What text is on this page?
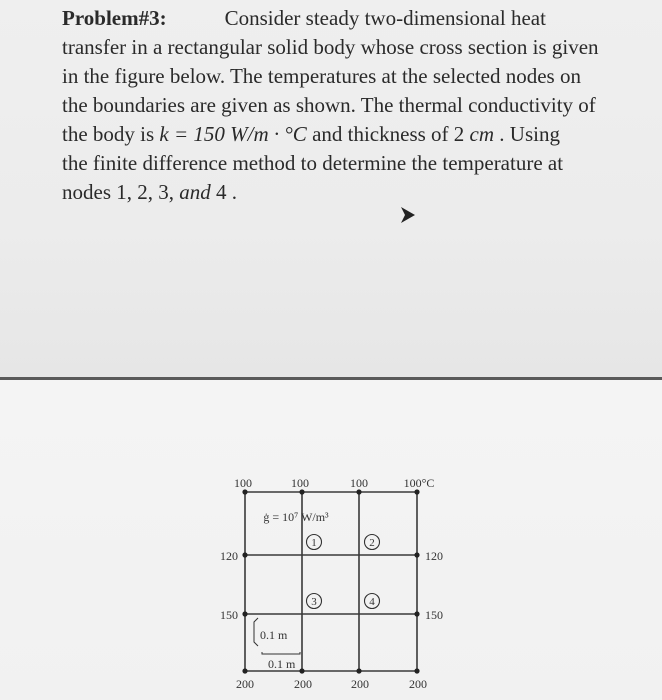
Problem#3:	Consider steady two-dimensional heat
transfer in a rectangular solid body whose cross section is given
in the figure below. The temperatures at the selected nodes on
the boundaries are given as shown. The thermal conductivity of
the body is k = 150 W/m · °C and thickness of 2 cm . Using
the finite difference method to determine the temperature at
nodes 1, 2, 3, and 4 .
100	100	100	100°C
200	200	200	200
120
150
120
150
ġ = 10⁷ W/m³
1	2
3	4
0.1 m
0.1 m
